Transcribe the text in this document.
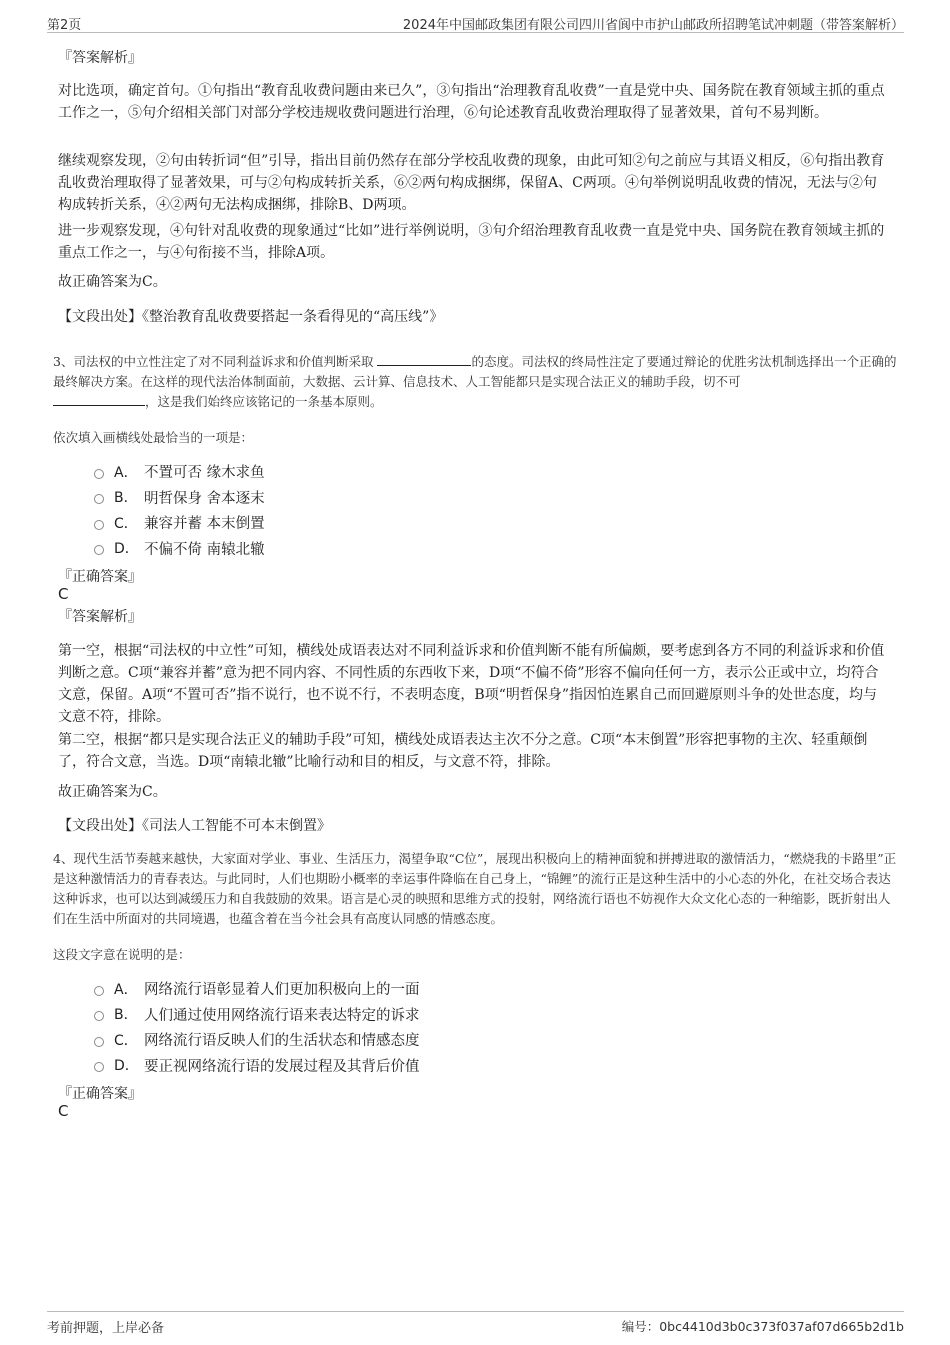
第2页	2024年中国邮政集团有限公司四川省阆中市护山邮政所招聘笔试冲刺题（带答案解析）
『答案解析』

对比选项，确定首句。①句指出“教育乱收费问题由来已久”，③句指出“治理教育乱收费”一直是党中央、国务院在教育领域主抓的重点工作之一，⑤句介绍相关部门对部分学校违规收费问题进行治理，⑥句论述教育乱收费治理取得了显著效果，首句不易判断。

继续观察发现，②句由转折词“但”引导，指出目前仍然存在部分学校乱收费的现象，由此可知②句之前应与其语义相反，⑥句指出教育乱收费治理取得了显著效果，可与②句构成转折关系，⑥②两句构成捆绑，保留A、C两项。④句举例说明乱收费的情况，无法与②句构成转折关系，④②两句无法构成捆绑，排除B、D两项。

进一步观察发现，④句针对乱收费的现象通过“比如”进行举例说明，③句介绍治理教育乱收费一直是党中央、国务院在教育领域主抓的重点工作之一，与④句衔接不当，排除A项。

故正确答案为C。

【文段出处】《整治教育乱收费要搭起一条看得见的“高压线”》

3、司法权的中立性注定了对不同利益诉求和价值判断采取	的态度。司法权的终局性注定了要通过辩论的优胜劣汰机制选择出一个正确的最终解决方案。在这样的现代法治体制面前，大数据、云计算、信息技术、人工智能都只是实现合法正义的辅助手段，切不可
，这是我们始终应该铭记的一条基本原则。

依次填入画横线处最恰当的一项是：
A． 不置可否 缘木求鱼
B． 明哲保身 舍本逐末
C． 兼容并蓄 本末倒置
D． 不偏不倚 南辕北辙
『正确答案』
C
『答案解析』

第一空，根据“司法权的中立性”可知，横线处成语表达对不同利益诉求和价值判断不能有所偏颇，要考虑到各方不同的利益诉求和价值判断之意。C项“兼容并蓄”意为把不同内容、不同性质的东西收下来，D项“不偏不倚”形容不偏向任何一方，表示公正或中立，均符合文意，保留。A项“不置可否”指不说行，也不说不行，不表明态度，B项“明哲保身”指因怕连累自己而回避原则斗争的处世态度，均与文意不符，排除。

第二空，根据“都只是实现合法正义的辅助手段”可知，横线处成语表达主次不分之意。C项“本末倒置”形容把事物的主次、轻重颠倒了，符合文意，当选。D项“南辕北辙”比喻行动和目的相反，与文意不符，排除。

故正确答案为C。

【文段出处】《司法人工智能不可本末倒置》

4、现代生活节奏越来越快，大家面对学业、事业、生活压力，渴望争取“C位”，展现出积极向上的精神面貌和拼搏进取的激情活力，“燃烧我的卡路里”正是这种激情活力的青春表达。与此同时，人们也期盼小概率的幸运事件降临在自己身上，“锦鲤”的流行正是这种生活中的小心态的外化，在社交场合表达这种诉求，也可以达到减缓压力和自我鼓励的效果。语言是心灵的映照和思维方式的投射，网络流行语也不妨视作大众文化心态的一种缩影，既折射出人们在生活中所面对的共同境遇，也蕴含着在当今社会具有高度认同感的情感态度。

这段文字意在说明的是：
A． 网络流行语彰显着人们更加积极向上的一面
B． 人们通过使用网络流行语来表达特定的诉求
C． 网络流行语反映人们的生活状态和情感态度
D． 要正视网络流行语的发展过程及其背后价值
『正确答案』
C
考前押题，上岸必备	编号：0bc4410d3b0c373f037af07d665b2d1b
